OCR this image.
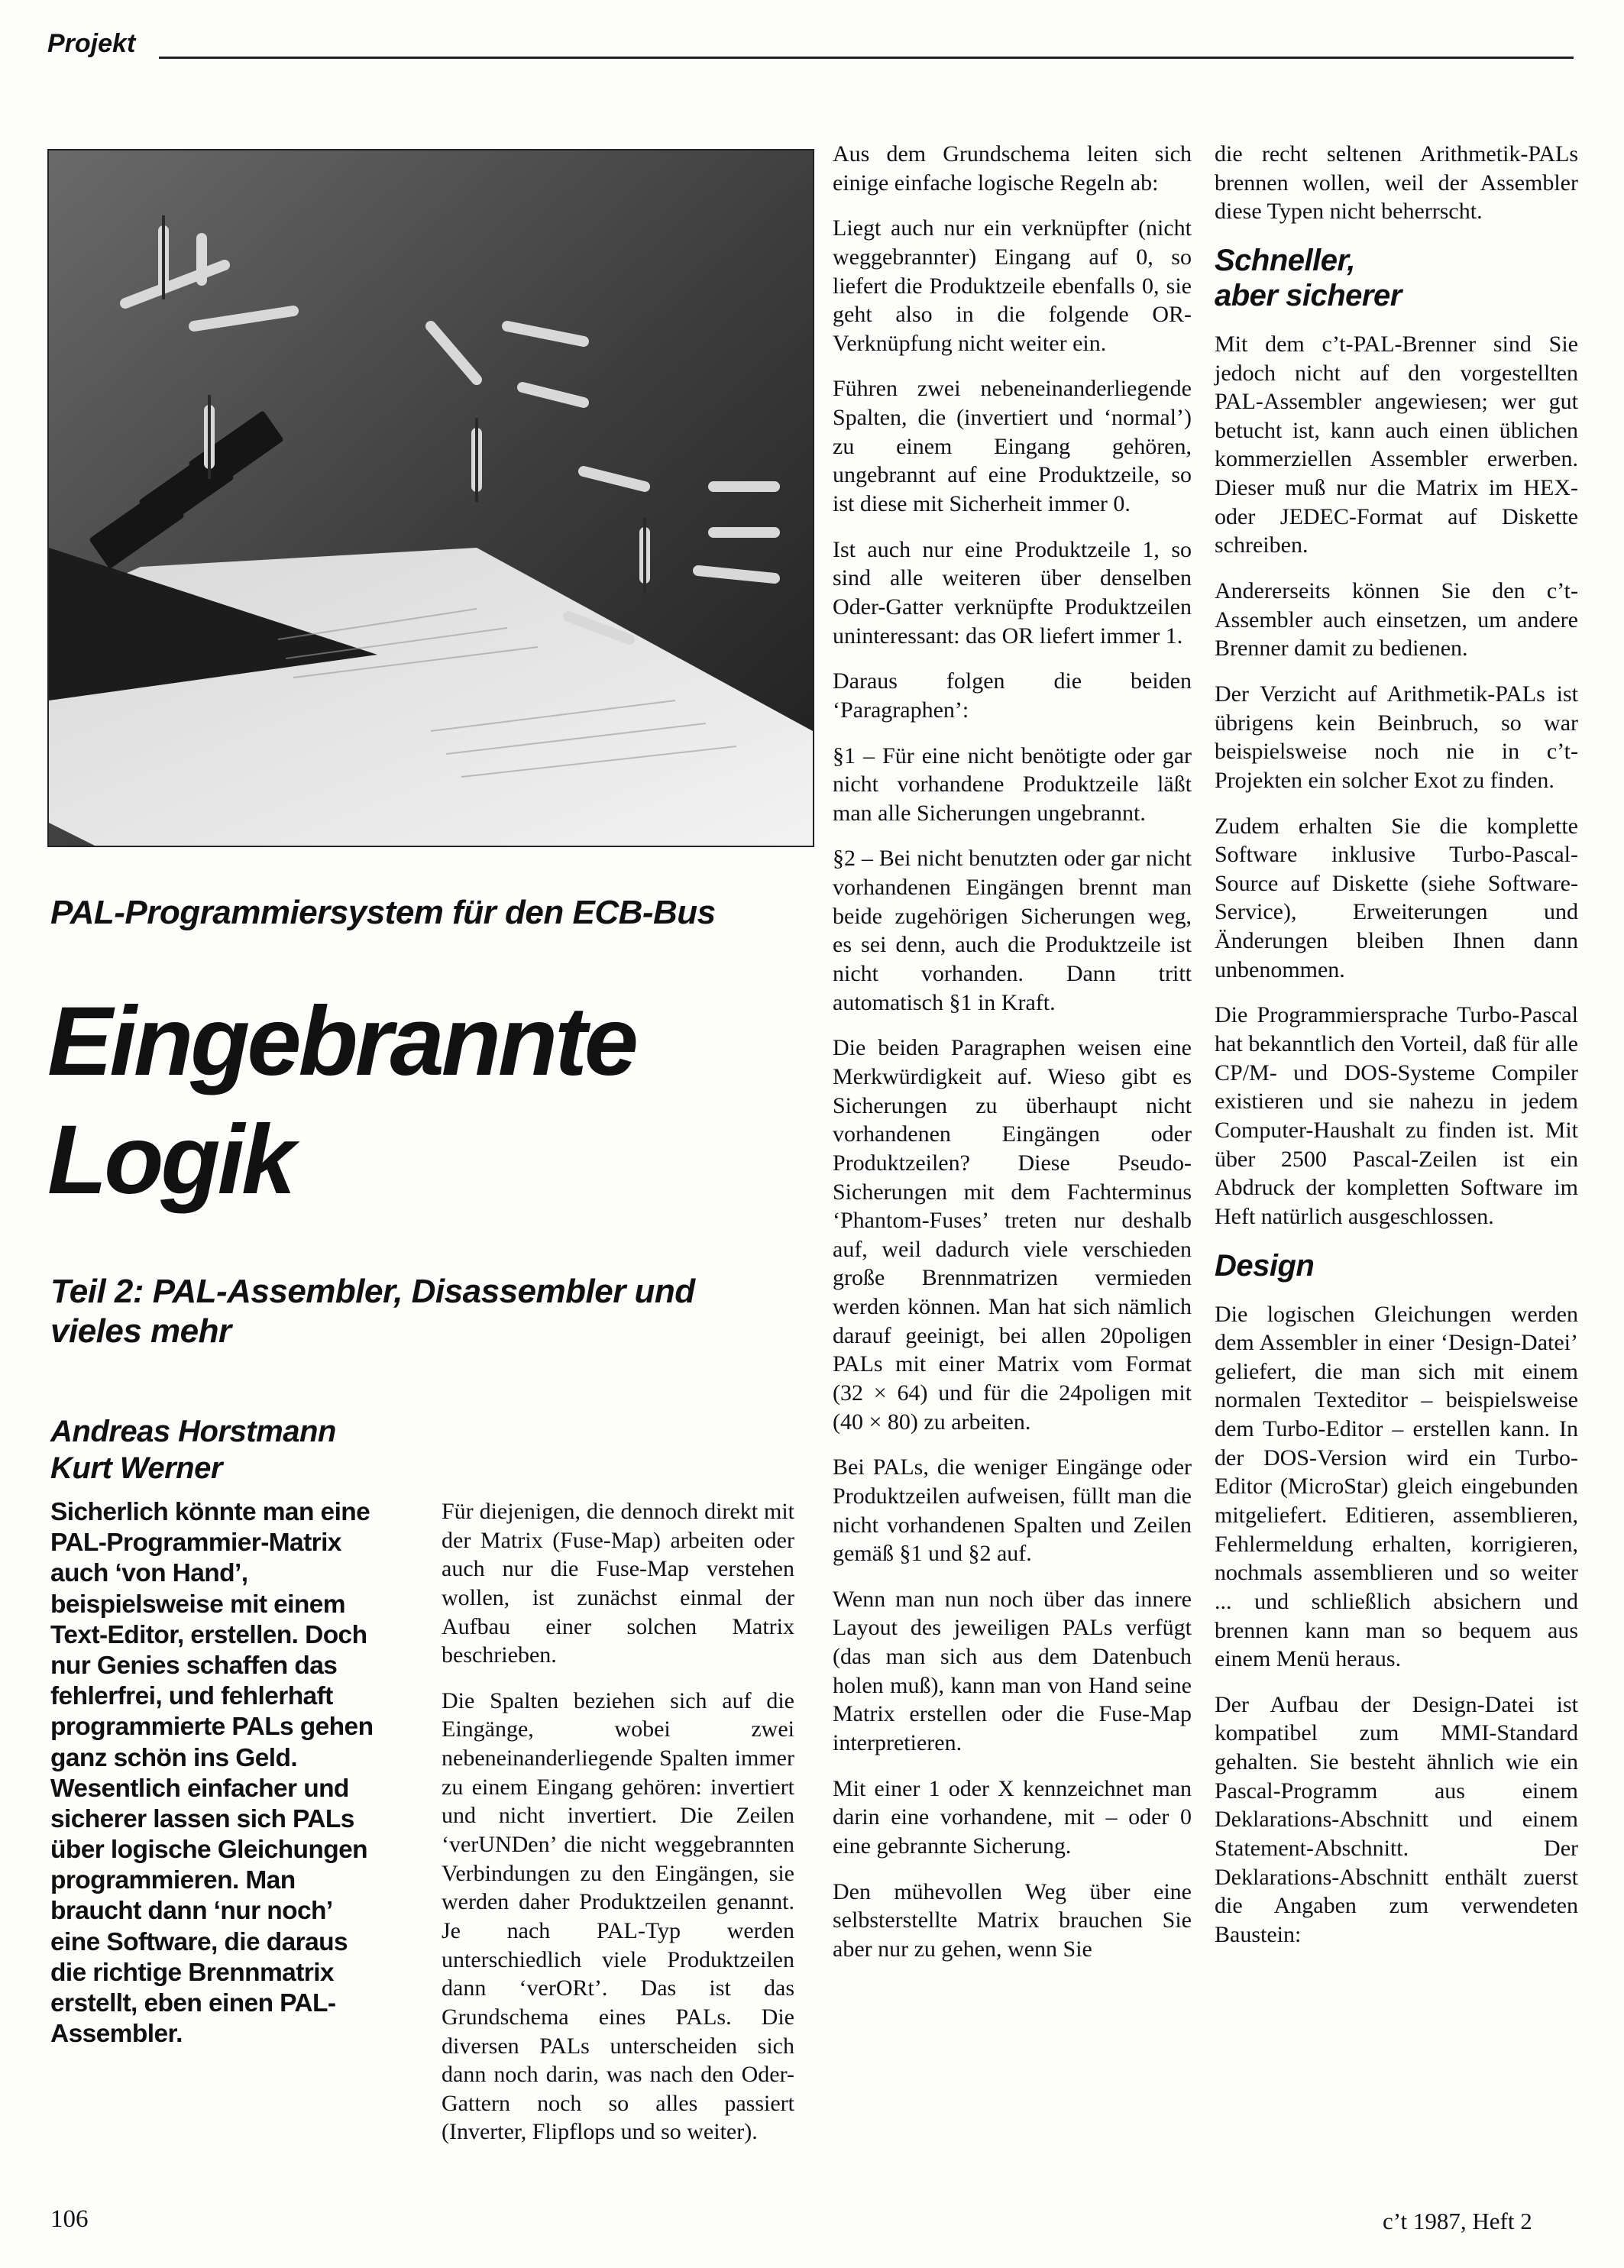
Projekt
PAL-Programmiersystem für den ECB-Bus
Eingebrannte
Logik
Teil 2: PAL-Assembler, Disassembler und vieles mehr
Andreas Horstmann
Kurt Werner
Sicherlich könnte man eine PAL-Programmier-Matrix auch ‘von Hand’, beispielsweise mit einem Text-Editor, erstellen. Doch nur Genies schaffen das fehlerfrei, und fehlerhaft programmierte PALs gehen ganz schön ins Geld. Wesentlich einfacher und sicherer lassen sich PALs über logische Gleichungen programmieren. Man braucht dann ‘nur noch’ eine Software, die daraus die richtige Brennmatrix erstellt, eben einen PAL-Assembler.

Für diejenigen, die dennoch direkt mit der Matrix (Fuse-Map) arbeiten oder auch nur die Fuse-Map verstehen wollen, ist zunächst einmal der Aufbau einer solchen Matrix beschrieben.

Die Spalten beziehen sich auf die Eingänge, wobei zwei nebeneinanderliegende Spalten immer zu einem Eingang gehören: invertiert und nicht invertiert. Die Zeilen ‘verUNDen’ die nicht weggebrannten Verbindungen zu den Eingängen, sie werden daher Produktzeilen genannt. Je nach PAL-Typ werden unterschiedlich viele Produktzeilen dann ‘verORt’. Das ist das Grundschema eines PALs. Die diversen PALs unterscheiden sich dann noch darin, was nach den Oder-Gattern noch so alles passiert (Inverter, Flipflops und so weiter).

Aus dem Grundschema leiten sich einige einfache logische Regeln ab:

Liegt auch nur ein verknüpfter (nicht weggebrannter) Eingang auf 0, so liefert die Produktzeile ebenfalls 0, sie geht also in die folgende OR-Verknüpfung nicht weiter ein.

Führen zwei nebeneinanderliegende Spalten, die (invertiert und ‘normal’) zu einem Eingang gehören, ungebrannt auf eine Produktzeile, so ist diese mit Sicherheit immer 0.

Ist auch nur eine Produktzeile 1, so sind alle weiteren über denselben Oder-Gatter verknüpfte Produktzeilen uninteressant: das OR liefert immer 1.

Daraus folgen die beiden ‘Paragraphen’:

§1 – Für eine nicht benötigte oder gar nicht vorhandene Produktzeile läßt man alle Sicherungen ungebrannt.

§2 – Bei nicht benutzten oder gar nicht vorhandenen Eingängen brennt man beide zugehörigen Sicherungen weg, es sei denn, auch die Produktzeile ist nicht vorhanden. Dann tritt automatisch §1 in Kraft.

Die beiden Paragraphen weisen eine Merkwürdigkeit auf. Wieso gibt es Sicherungen zu überhaupt nicht vorhandenen Eingängen oder Produktzeilen? Diese Pseudo-Sicherungen mit dem Fachterminus ‘Phantom-Fuses’ treten nur deshalb auf, weil dadurch viele verschieden große Brennmatrizen vermieden werden können. Man hat sich nämlich darauf geeinigt, bei allen 20poligen PALs mit einer Matrix vom Format (32 × 64) und für die 24poligen mit (40 × 80) zu arbeiten.

Bei PALs, die weniger Eingänge oder Produktzeilen aufweisen, füllt man die nicht vorhandenen Spalten und Zeilen gemäß §1 und §2 auf.

Wenn man nun noch über das innere Layout des jeweiligen PALs verfügt (das man sich aus dem Datenbuch holen muß), kann man von Hand seine Matrix erstellen oder die Fuse-Map interpretieren.

Mit einer 1 oder X kennzeichnet man darin eine vorhandene, mit – oder 0 eine gebrannte Sicherung.

Den mühevollen Weg über eine selbsterstellte Matrix brauchen Sie aber nur zu gehen, wenn Sie

die recht seltenen Arithmetik-PALs brennen wollen, weil der Assembler diese Typen nicht beherrscht.

Schneller,
aber sicherer

Mit dem c’t-PAL-Brenner sind Sie jedoch nicht auf den vorgestellten PAL-Assembler angewiesen; wer gut betucht ist, kann auch einen üblichen kommerziellen Assembler erwerben. Dieser muß nur die Matrix im HEX- oder JEDEC-Format auf Diskette schreiben.

Andererseits können Sie den c’t-Assembler auch einsetzen, um andere Brenner damit zu bedienen.

Der Verzicht auf Arithmetik-PALs ist übrigens kein Beinbruch, so war beispielsweise noch nie in c’t-Projekten ein solcher Exot zu finden.

Zudem erhalten Sie die komplette Software inklusive Turbo-Pascal-Source auf Diskette (siehe Software-Service), Erweiterungen und Änderungen bleiben Ihnen dann unbenommen.

Die Programmiersprache Turbo-Pascal hat bekanntlich den Vorteil, daß für alle CP/M- und DOS-Systeme Compiler existieren und sie nahezu in jedem Computer-Haushalt zu finden ist. Mit über 2500 Pascal-Zeilen ist ein Abdruck der kompletten Software im Heft natürlich ausgeschlossen.

Design

Die logischen Gleichungen werden dem Assembler in einer ‘Design-Datei’ geliefert, die man sich mit einem normalen Texteditor – beispielsweise dem Turbo-Editor – erstellen kann. In der DOS-Version wird ein Turbo-Editor (MicroStar) gleich eingebunden mitgeliefert. Editieren, assemblieren, Fehlermeldung erhalten, korrigieren, nochmals assemblieren und so weiter ... und schließlich absichern und brennen kann man so bequem aus einem Menü heraus.

Der Aufbau der Design-Datei ist kompatibel zum MMI-Standard gehalten. Sie besteht ähnlich wie ein Pascal-Programm aus einem Deklarations-Abschnitt und einem Statement-Abschnitt. Der Deklarations-Abschnitt enthält zuerst die Angaben zum verwendeten Baustein:

106	c’t 1987, Heft 2
